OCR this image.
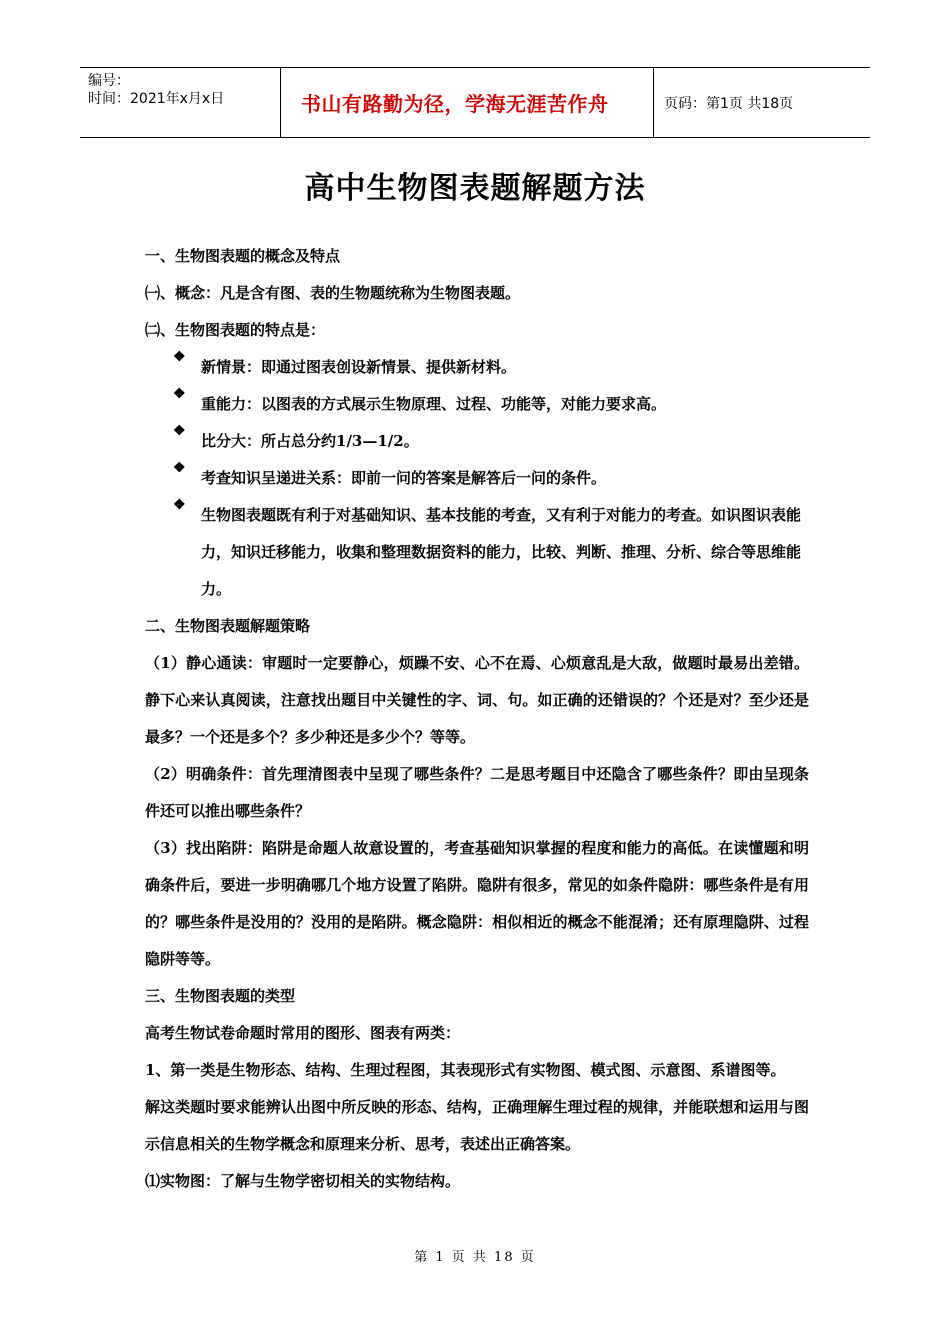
编号：
时间：2021年x月x日	书山有路勤为径，学海无涯苦作舟	页码：第1页 共18页
高中生物图表题解题方法
一、生物图表题的概念及特点
㈠、概念：凡是含有图、表的生物题统称为生物图表题。
㈡、生物图表题的特点是：
❖
新情景：即通过图表创设新情景、提供新材料。
❖
重能力：以图表的方式展示生物原理、过程、功能等，对能力要求高。
❖
比分大：所占总分约1/3—1/2。
❖
考查知识呈递进关系：即前一问的答案是解答后一问的条件。
❖
生物图表题既有利于对基础知识、基本技能的考查，又有利于对能力的考查。如识图识表能力，知识迁移能力，收集和整理数据资料的能力，比较、判断、推理、分析、综合等思维能力。
二、生物图表题解题策略
（1）静心通读：审题时一定要静心，烦躁不安、心不在焉、心烦意乱是大敌，做题时最易出差错。静下心来认真阅读，注意找出题目中关键性的字、词、句。如正确的还错误的？个还是对？至少还是最多？一个还是多个？多少种还是多少个？等等。
（2）明确条件：首先理清图表中呈现了哪些条件？二是思考题目中还隐含了哪些条件？即由呈现条件还可以推出哪些条件？
（3）找出陷阱：陷阱是命题人故意设置的，考查基础知识掌握的程度和能力的高低。在读懂题和明确条件后，要进一步明确哪几个地方设置了陷阱。隐阱有很多，常见的如条件隐阱：哪些条件是有用的？哪些条件是没用的？没用的是陷阱。概念隐阱：相似相近的概念不能混淆；还有原理隐阱、过程隐阱等等。
三、生物图表题的类型
高考生物试卷命题时常用的图形、图表有两类：
1、第一类是生物形态、结构、生理过程图，其表现形式有实物图、模式图、示意图、系谱图等。
解这类题时要求能辨认出图中所反映的形态、结构，正确理解生理过程的规律，并能联想和运用与图示信息相关的生物学概念和原理来分析、思考，表述出正确答案。
⑴实物图：了解与生物学密切相关的实物结构。
第 1 页 共 18 页
